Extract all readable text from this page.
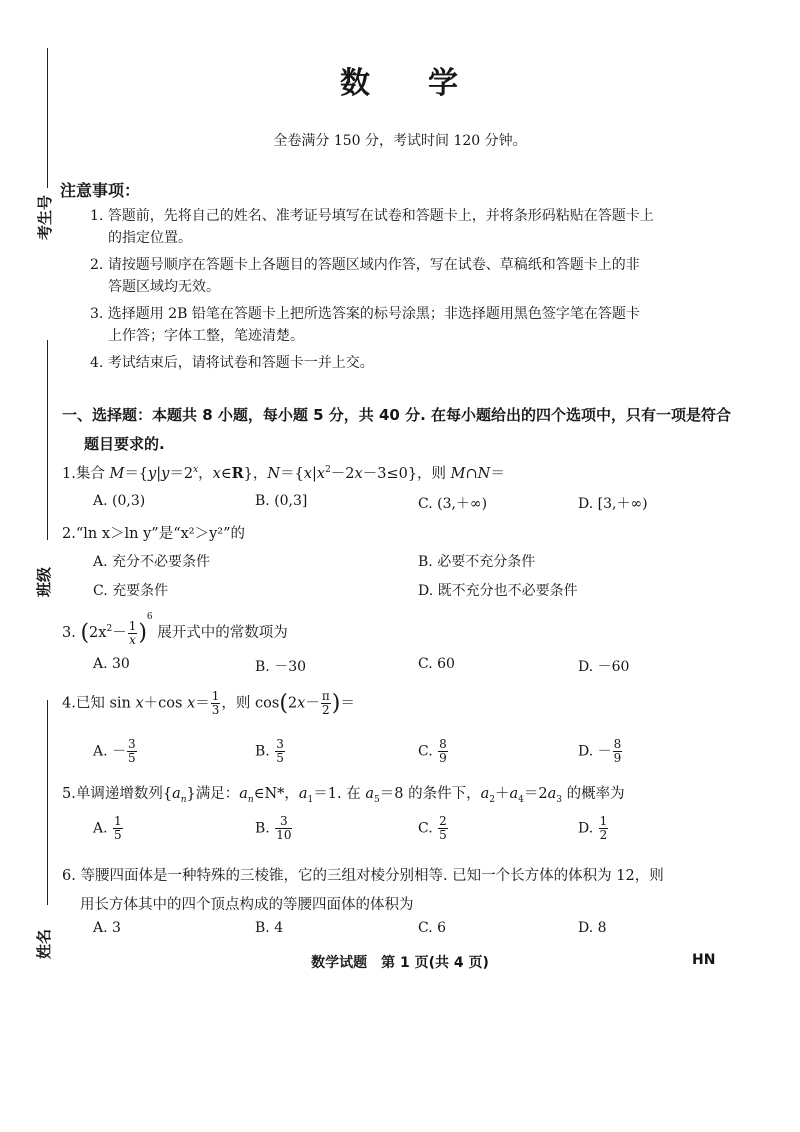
考生号
班级
姓名
数 学
全卷满分 150 分，考试时间 120 分钟。
注意事项：
1. 答题前，先将自己的姓名、准考证号填写在试卷和答题卡上，并将条形码粘贴在答题卡上
的指定位置。
2. 请按题号顺序在答题卡上各题目的答题区域内作答，写在试卷、草稿纸和答题卡上的非
答题区域均无效。
3. 选择题用 2B 铅笔在答题卡上把所选答案的标号涂黑；非选择题用黑色签字笔在答题卡
上作答；字体工整，笔迹清楚。
4. 考试结束后，请将试卷和答题卡一并上交。
一、选择题：本题共 8 小题，每小题 5 分，共 40 分. 在每小题给出的四个选项中，只有一项是符合
题目要求的.
1.集合 $M=\{y|y=2^x$，x∈R}，$N=\{x|x^2-2x-3\le 0\}$，则 M∩N＝
A. (0,3)	B. (0,3]	C. (3,＋∞)	D. [3,＋∞)
2.“ln x＞ln y”是“x²＞y²”的
A. 充分不必要条件	B. 必要不充分条件
C. 充要条件	D. 既不充分也不必要条件
3. $(2x^2- \frac{1}{x} )^6$ 展开式中的常数项为
A. 30	B. －30	C. 60	D. －60
4.已知 sin x＋cos $x= \frac{1}{3}$ ，则 $\cos(2x- \frac{\pi}{2}$ )＝
A. － $\frac{3}{5}$	B. $\frac{3}{5}$	C. $\frac{8}{9}$	D. － $\frac{8}{9}$
5.单调递增数列$\{a_n\}$满足：$a_n\in N*$，$a_1=1$. 在 $a_5=8$ 的条件下，$a_2+a_4=2a_3$ 的概率为
A. $\frac{1}{5}$	B. $\frac{3}{10}$	C. $\frac{2}{5}$	D. $\frac{1}{2}$
6. 等腰四面体是一种特殊的三棱锥，它的三组对棱分别相等. 已知一个长方体的体积为 12，则
用长方体其中的四个顶点构成的等腰四面体的体积为
A. 3	B. 4	C. 6	D. 8
数学试题　第 1 页(共 4 页)	HN
